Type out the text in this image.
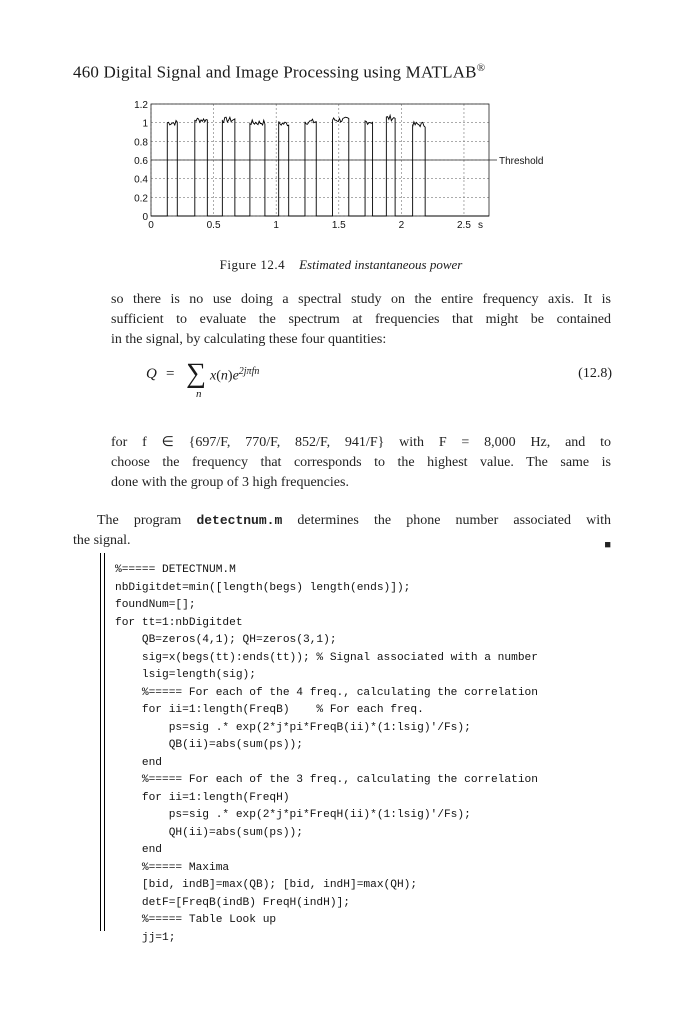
460 Digital Signal and Image Processing using MATLAB®
0
0.2
0.4
0.6
0.8
1
1.2
0	0.5	1	1.5	2	2.5 s
Threshold
Figure 12.4 Estimated instantaneous power
so there is no use doing a spectral study on the entire frequency axis. It is
sufficient to evaluate the spectrum at frequencies that might be contained
in the signal, by calculating these four quantities:
Q = ∑
n
$x(n)e^{2j\pi fn}$	(12.8)
for f ∈ {697/F, 770/F, 852/F, 941/F} with F = 8,000 Hz, and to
choose the frequency that corresponds to the highest value. The same is
done with the group of 3 high frequencies.
The program detectnum.m determines the phone number associated with
the signal.	■
%===== DETECTNUM.M
nbDigitdet=min([length(begs) length(ends)]);
foundNum=[];
for tt=1:nbDigitdet
QB=zeros(4,1); QH=zeros(3,1);
sig=x(begs(tt):ends(tt)); % Signal associated with a number
lsig=length(sig);
%===== For each of the 4 freq., calculating the correlation
for ii=1:length(FreqB)    % For each freq.
ps=sig .* exp(2*j*pi*FreqB(ii)*(1:lsig)'/Fs);
QB(ii)=abs(sum(ps));
end
%===== For each of the 3 freq., calculating the correlation
for ii=1:length(FreqH)
ps=sig .* exp(2*j*pi*FreqH(ii)*(1:lsig)'/Fs);
QH(ii)=abs(sum(ps));
end
%===== Maxima
[bid, indB]=max(QB); [bid, indH]=max(QH);
detF=[FreqB(indB) FreqH(indH)];
%===== Table Look up
jj=1;
